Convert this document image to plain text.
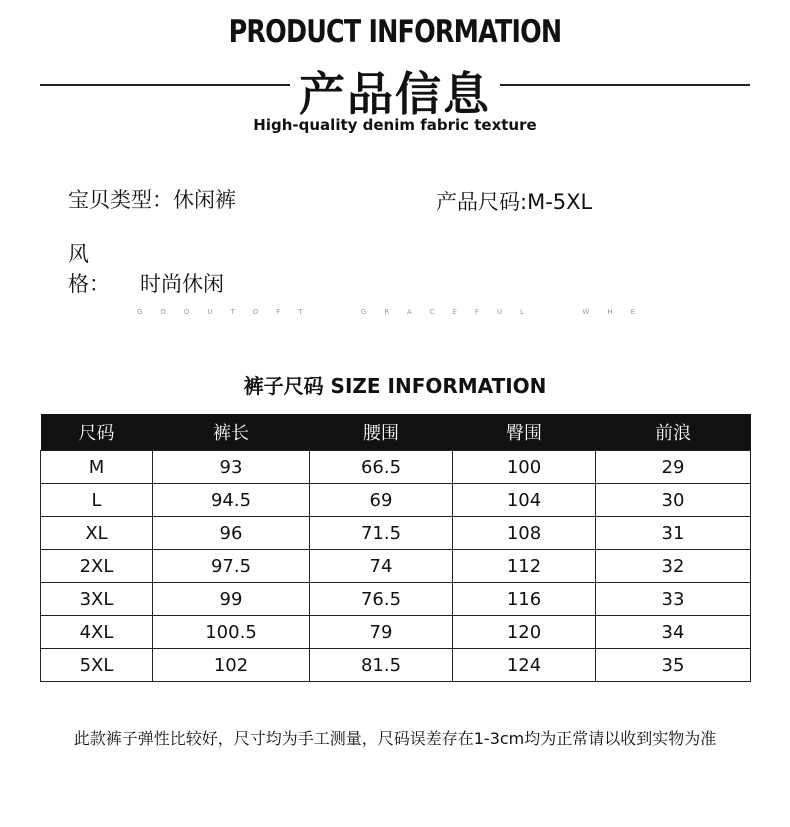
PRODUCT INFORMATION
产品信息
High-quality denim fabric texture
宝贝类型：休闲裤	产品尺码:M-5XL
风　　格： 时尚休闲
GOOUTOFT  GRACEFUL  WHE
裤子尺码 SIZE INFORMATION
尺码	裤长	腰围	臀围	前浪
M	93	66.5	100	29
L	94.5	69	104	30
XL	96	71.5	108	31
2XL	97.5	74	112	32
3XL	99	76.5	116	33
4XL	100.5	79	120	34
5XL	102	81.5	124	35
此款裤子弹性比较好，尺寸均为手工测量，尺码误差存在1-3cm均为正常请以收到实物为准
